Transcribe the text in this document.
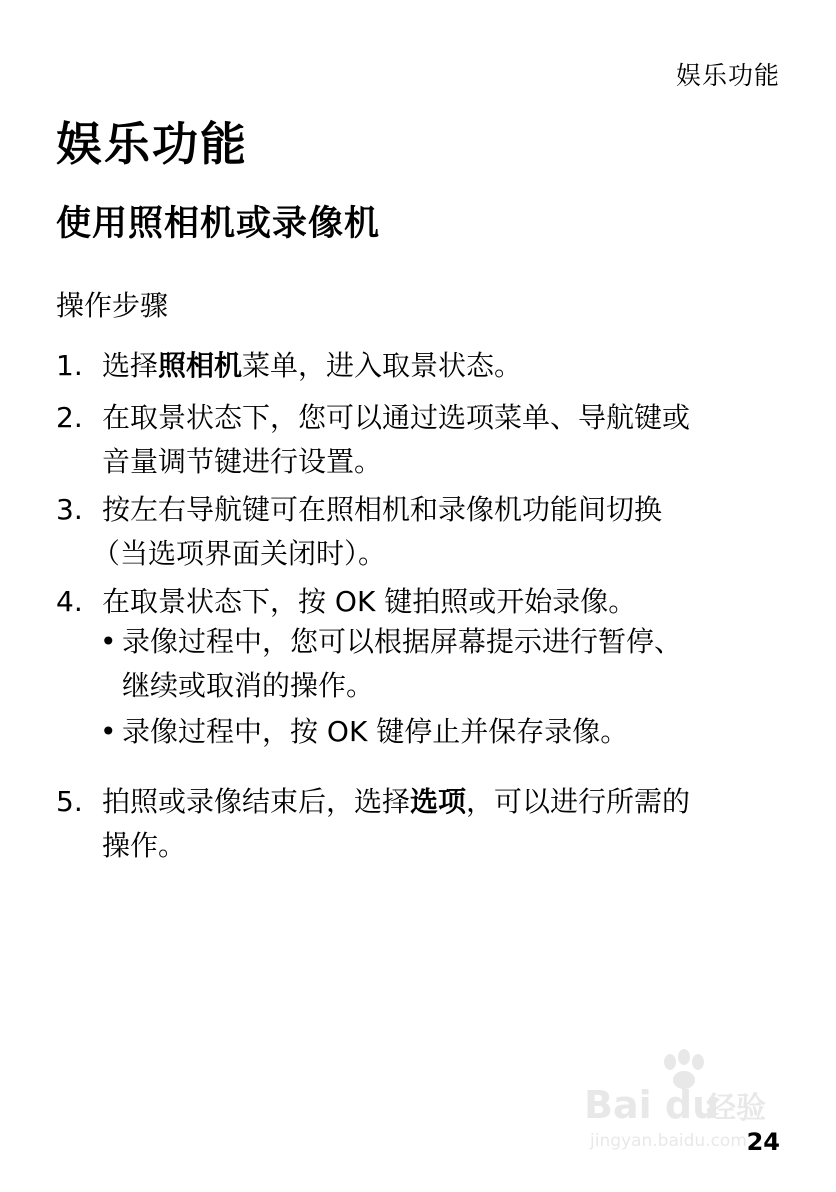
娱乐功能
娱乐功能
使用照相机或录像机
操作步骤
1. 选择照相机菜单，进入取景状态。
2. 在取景状态下，您可以通过选项菜单、导航键或
音量调节键进行设置。
3. 按左右导航键可在照相机和录像机功能间切换
（当选项界面关闭时）。
4. 在取景状态下，按 OK 键拍照或开始录像。
• 录像过程中，您可以根据屏幕提示进行暂停、
继续或取消的操作。
• 录像过程中，按 OK 键停止并保存录像。
5. 拍照或录像结束后，选择选项，可以进行所需的
操作。
Bai du
经验
jingyan.baidu.com 24
